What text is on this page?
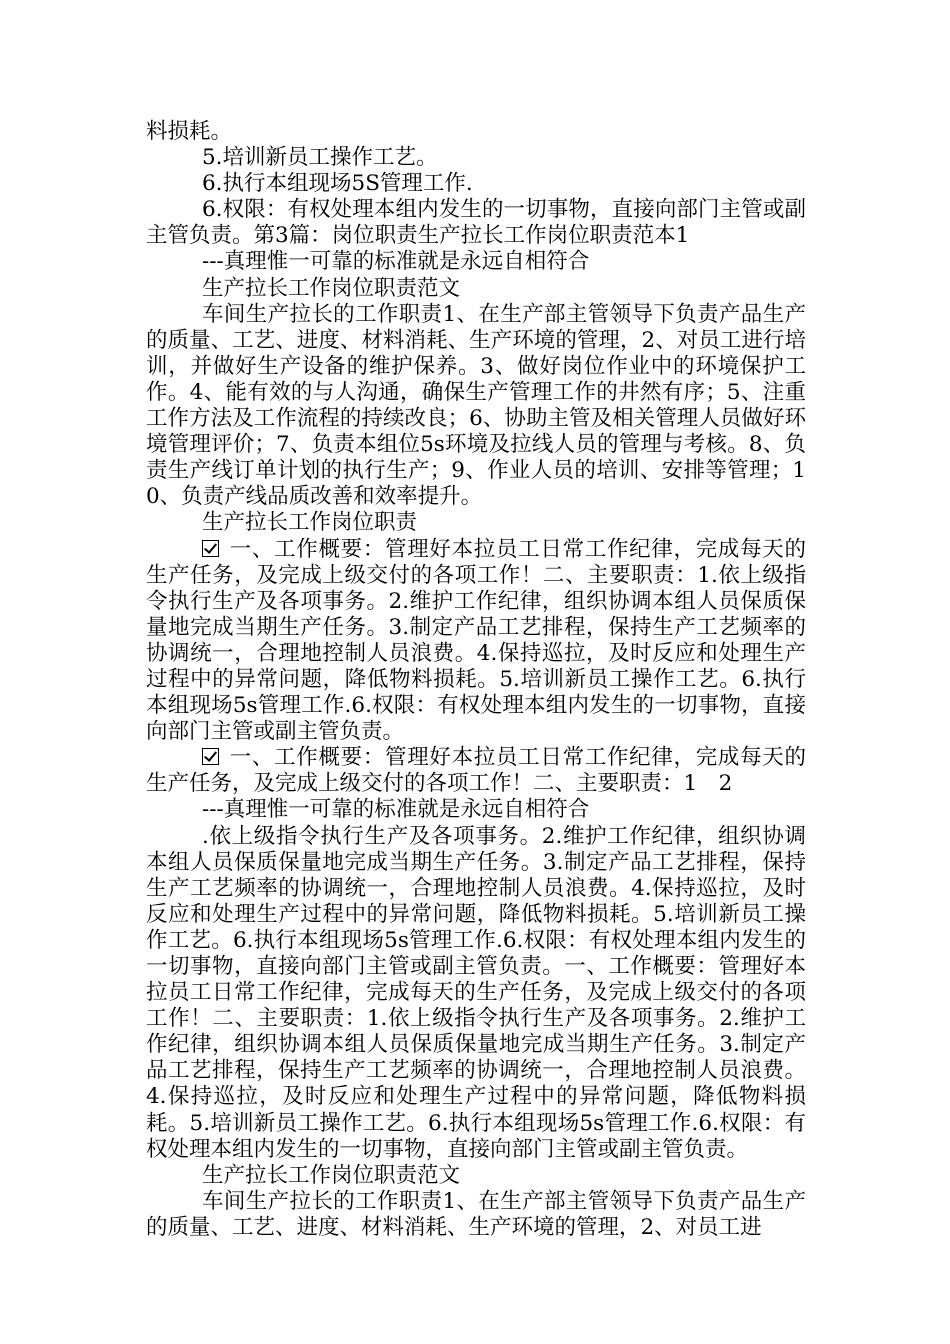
料损耗。

5.培训新员工操作工艺。

6.执行本组现场5S管理工作.

6.权限：有权处理本组内发生的一切事物，直接向部门主管或副主管负责。第3篇：岗位职责生产拉长工作岗位职责范本1

---真理惟一可靠的标准就是永远自相符合

生产拉长工作岗位职责范文

车间生产拉长的工作职责1、在生产部主管领导下负责产品生产的质量、工艺、进度、材料消耗、生产环境的管理，2、对员工进行培训，并做好生产设备的维护保养。3、做好岗位作业中的环境保护工作。4、能有效的与人沟通，确保生产管理工作的井然有序；5、注重工作方法及工作流程的持续改良；6、协助主管及相关管理人员做好环境管理评价；7、负责本组位5s环境及拉线人员的管理与考核。8、负责生产线订单计划的执行生产；9、作业人员的培训、安排等管理；10、负责产线品质改善和效率提升。

生产拉长工作岗位职责

一、工作概要：管理好本拉员工日常工作纪律，完成每天的生产任务，及完成上级交付的各项工作！二、主要职责：1.依上级指令执行生产及各项事务。2.维护工作纪律，组织协调本组人员保质保量地完成当期生产任务。3.制定产品工艺排程，保持生产工艺频率的协调统一，合理地控制人员浪费。4.保持巡拉，及时反应和处理生产过程中的异常问题，降低物料损耗。5.培训新员工操作工艺。6.执行本组现场5s管理工作.6.权限：有权处理本组内发生的一切事物，直接向部门主管或副主管负责。

一、工作概要：管理好本拉员工日常工作纪律，完成每天的生产任务，及完成上级交付的各项工作！二、主要职责：1　2

---真理惟一可靠的标准就是永远自相符合

.依上级指令执行生产及各项事务。2.维护工作纪律，组织协调本组人员保质保量地完成当期生产任务。3.制定产品工艺排程，保持生产工艺频率的协调统一，合理地控制人员浪费。4.保持巡拉，及时反应和处理生产过程中的异常问题，降低物料损耗。5.培训新员工操作工艺。6.执行本组现场5s管理工作.6.权限：有权处理本组内发生的一切事物，直接向部门主管或副主管负责。一、工作概要：管理好本拉员工日常工作纪律，完成每天的生产任务，及完成上级交付的各项工作！二、主要职责：1.依上级指令执行生产及各项事务。2.维护工作纪律，组织协调本组人员保质保量地完成当期生产任务。3.制定产品工艺排程，保持生产工艺频率的协调统一，合理地控制人员浪费。4.保持巡拉，及时反应和处理生产过程中的异常问题，降低物料损耗。5.培训新员工操作工艺。6.执行本组现场5s管理工作.6.权限：有权处理本组内发生的一切事物，直接向部门主管或副主管负责。

生产拉长工作岗位职责范文

车间生产拉长的工作职责1、在生产部主管领导下负责产品生产的质量、工艺、进度、材料消耗、生产环境的管理，2、对员工进
